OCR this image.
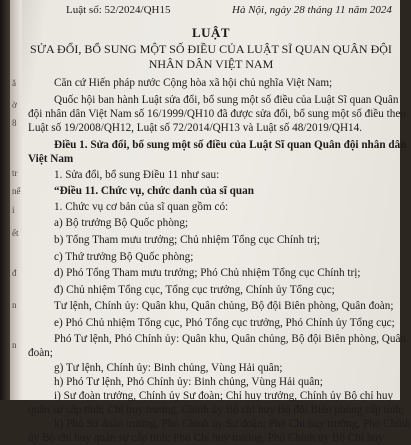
ă
ờ
8
tr
nể
i
ết
đ
n
n
Luật số: 52/2024/QH15	Hà Nội, ngày 28 tháng 11 năm 2024
LUẬT
SỬA ĐỔI, BỔ SUNG MỘT SỐ ĐIỀU CỦA LUẬT SĨ QUAN QUÂN ĐỘI
NHÂN DÂN VIỆT NAM
Căn cứ Hiến pháp nước Cộng hòa xã hội chủ nghĩa Việt Nam;
Quốc hội ban hành Luật sửa đổi, bổ sung một số điều của Luật Sĩ quan Quân
đội nhân dân Việt Nam số 16/1999/QH10 đã được sửa đổi, bổ sung một số điều theo
Luật số 19/2008/QH12, Luật số 72/2014/QH13 và Luật số 48/2019/QH14.
Điều 1. Sửa đổi, bổ sung một số điều của Luật Sĩ quan Quân đội nhân dân
Việt Nam
1. Sửa đổi, bổ sung Điều 11 như sau:
“Điều 11. Chức vụ, chức danh của sĩ quan
1. Chức vụ cơ bản của sĩ quan gồm có:
a) Bộ trưởng Bộ Quốc phòng;
b) Tổng Tham mưu trưởng; Chủ nhiệm Tổng cục Chính trị;
c) Thứ trưởng Bộ Quốc phòng;
d) Phó Tổng Tham mưu trưởng; Phó Chủ nhiệm Tổng cục Chính trị;
đ) Chủ nhiệm Tổng cục, Tổng cục trưởng, Chính ủy Tổng cục;
Tư lệnh, Chính ủy: Quân khu, Quân chủng, Bộ đội Biên phòng, Quân đoàn;
e) Phó Chủ nhiệm Tổng cục, Phó Tổng cục trưởng, Phó Chính ủy Tổng cục;
Phó Tư lệnh, Phó Chính ủy: Quân khu, Quân chủng, Bộ đội Biên phòng, Quân
đoàn;
g) Tư lệnh, Chính ủy: Binh chủng, Vùng Hải quân;
h) Phó Tư lệnh, Phó Chính ủy: Binh chủng, Vùng Hải quân;
i) Sư đoàn trưởng, Chính ủy Sư đoàn; Chỉ huy trưởng, Chính ủy Bộ chỉ huy
quân sự cấp tỉnh; Chỉ huy trưởng, Chính ủy Bộ chỉ huy Bộ đội Biên phòng cấp tỉnh;
k) Phó Sư đoàn trưởng, Phó Chính ủy Sư đoàn; Phó Chỉ huy trưởng, Phó Chính
ủy Bộ chỉ huy quân sự cấp tỉnh; Phó Chỉ huy trưởng, Phó Chính ủy Bộ Chỉ huy
